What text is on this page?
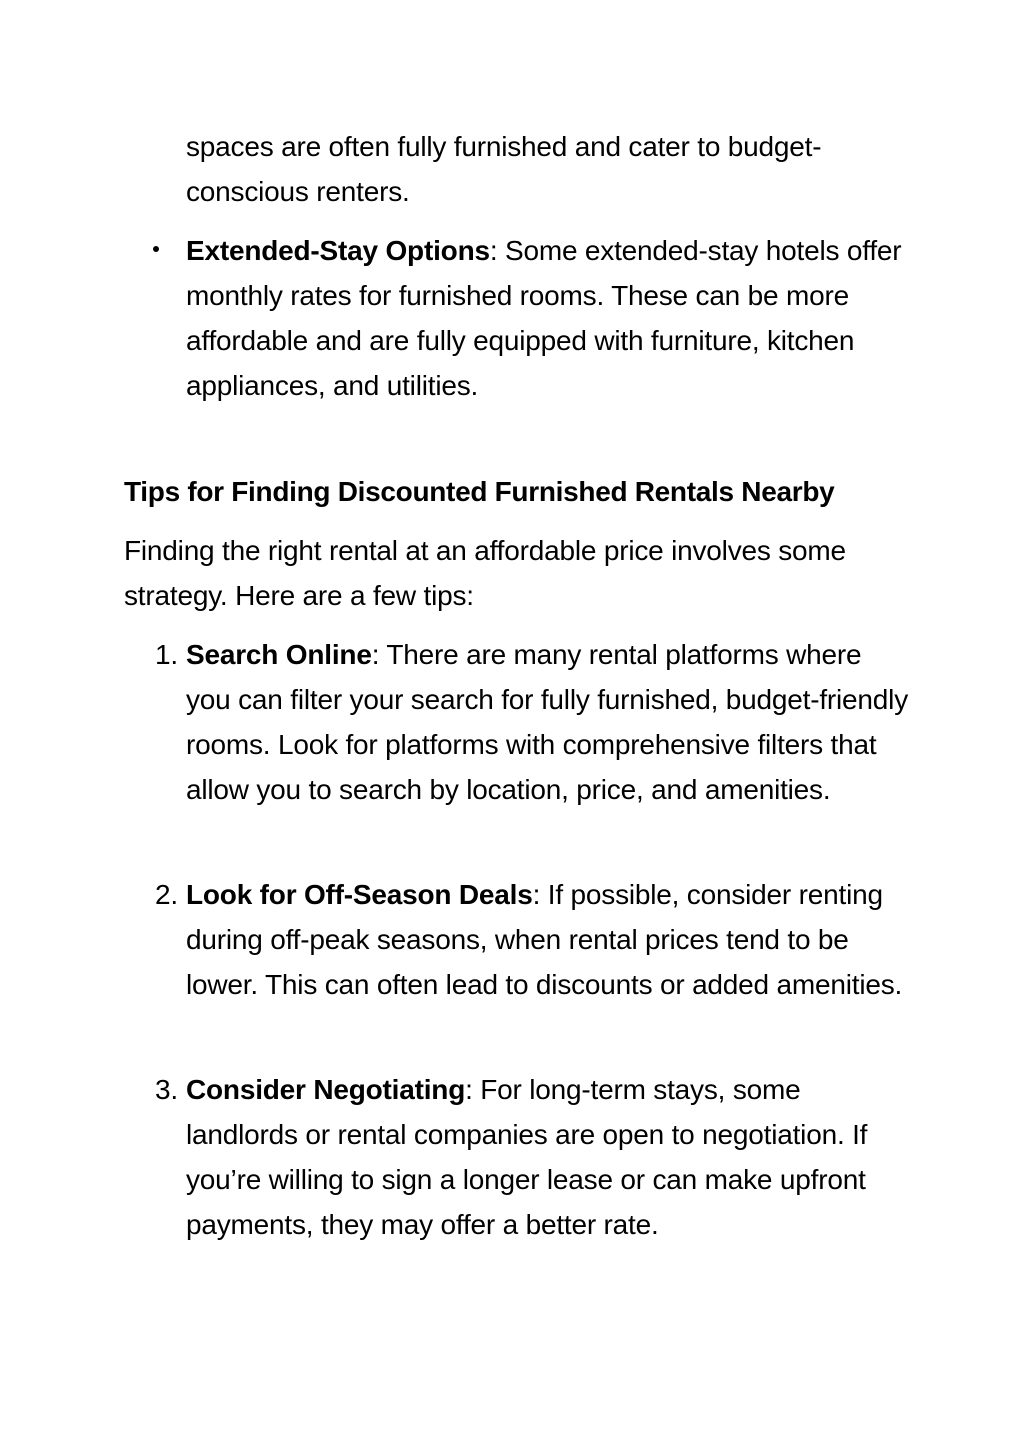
spaces are often fully furnished and cater to budget-conscious renters.

Extended-Stay Options: Some extended-stay hotels offer monthly rates for furnished rooms. These can be more affordable and are fully equipped with furniture, kitchen appliances, and utilities.

Tips for Finding Discounted Furnished Rentals Nearby

Finding the right rental at an affordable price involves some strategy. Here are a few tips:

1. Search Online: There are many rental platforms where you can filter your search for fully furnished, budget-friendly rooms. Look for platforms with comprehensive filters that allow you to search by location, price, and amenities.

2. Look for Off-Season Deals: If possible, consider renting during off-peak seasons, when rental prices tend to be lower. This can often lead to discounts or added amenities.

3. Consider Negotiating: For long-term stays, some landlords or rental companies are open to negotiation. If you’re willing to sign a longer lease or can make upfront payments, they may offer a better rate.
